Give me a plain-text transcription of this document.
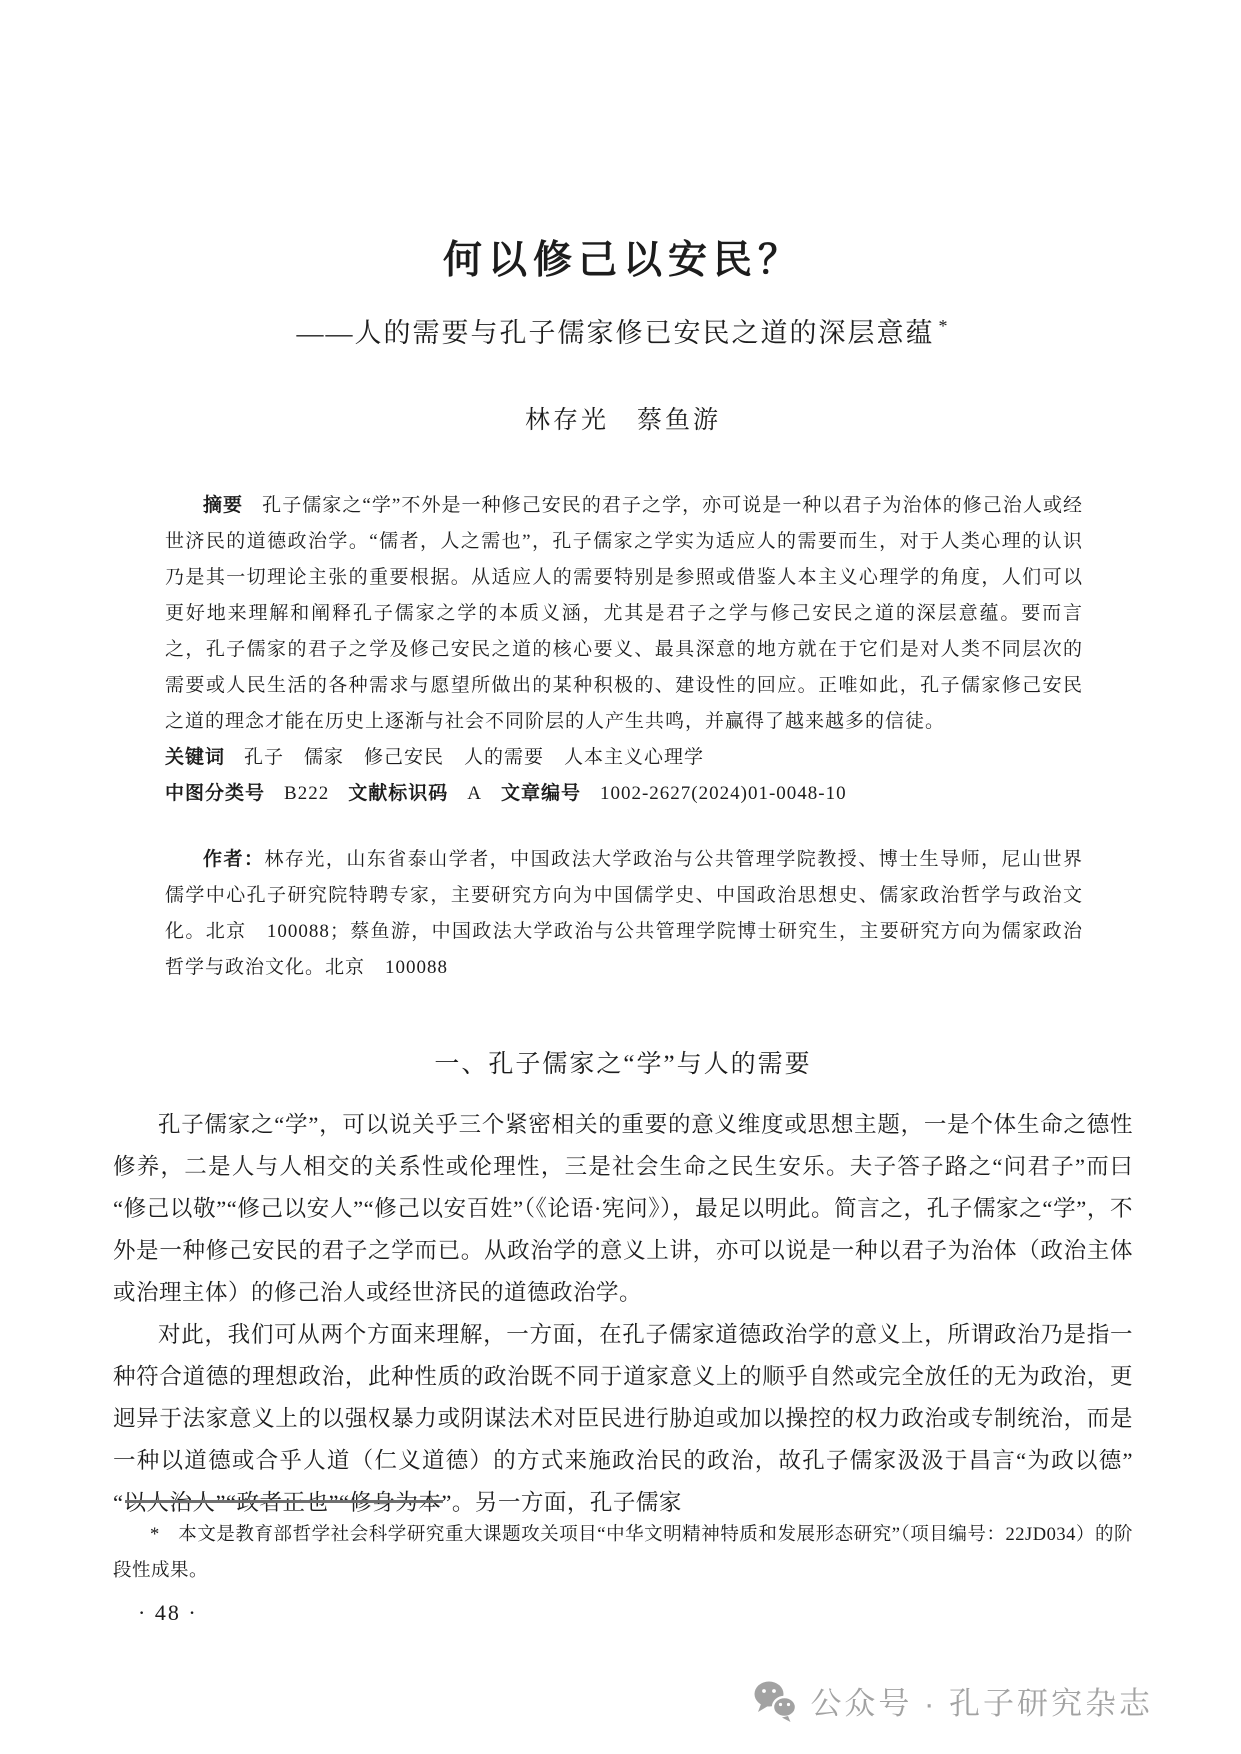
何以修己以安民？
——人的需要与孔子儒家修已安民之道的深层意蕴 *
林存光　蔡鱼游

摘要 孔子儒家之“学”不外是一种修己安民的君子之学，亦可说是一种以君子为治体的修己治人或经世济民的道德政治学。“儒者，人之需也”，孔子儒家之学实为适应人的需要而生，对于人类心理的认识乃是其一切理论主张的重要根据。从适应人的需要特别是参照或借鉴人本主义心理学的角度，人们可以更好地来理解和阐释孔子儒家之学的本质义涵，尤其是君子之学与修己安民之道的深层意蕴。要而言之，孔子儒家的君子之学及修己安民之道的核心要义、最具深意的地方就在于它们是对人类不同层次的需要或人民生活的各种需求与愿望所做出的某种积极的、建设性的回应。正唯如此，孔子儒家修己安民之道的理念才能在历史上逐渐与社会不同阶层的人产生共鸣，并赢得了越来越多的信徒。

关键词 孔子　儒家　修己安民　人的需要　人本主义心理学

中图分类号 B222 文献标识码 A 文章编号 1002-2627(2024)01-0048-10

作者：林存光，山东省泰山学者，中国政法大学政治与公共管理学院教授、博士生导师，尼山世界儒学中心孔子研究院特聘专家，主要研究方向为中国儒学史、中国政治思想史、儒家政治哲学与政治文化。北京　100088；蔡鱼游，中国政法大学政治与公共管理学院博士研究生，主要研究方向为儒家政治哲学与政治文化。北京　100088

一、孔子儒家之“学”与人的需要

孔子儒家之“学”，可以说关乎三个紧密相关的重要的意义维度或思想主题，一是个体生命之德性修养，二是人与人相交的关系性或伦理性，三是社会生命之民生安乐。夫子答子路之“问君子”而曰“修己以敬”“修己以安人”“修己以安百姓”（《论语·宪问》），最足以明此。简言之，孔子儒家之“学”，不外是一种修己安民的君子之学而已。从政治学的意义上讲，亦可以说是一种以君子为治体（政治主体或治理主体）的修己治人或经世济民的道德政治学。

对此，我们可从两个方面来理解，一方面，在孔子儒家道德政治学的意义上，所谓政治乃是指一种符合道德的理想政治，此种性质的政治既不同于道家意义上的顺乎自然或完全放任的无为政治，更迥异于法家意义上的以强权暴力或阴谋法术对臣民进行胁迫或加以操控的权力政治或专制统治，而是一种以道德或合乎人道（仁义道德）的方式来施政治民的政治，故孔子儒家汲汲于昌言“为政以德”“以人治人”“政者正也”“修身为本”。另一方面，孔子儒家

* 本文是教育部哲学社会科学研究重大课题攻关项目“中华文明精神特质和发展形态研究”（项目编号：22JD034）的阶段性成果。

· 48 ·
公众号 · 孔子研究杂志
